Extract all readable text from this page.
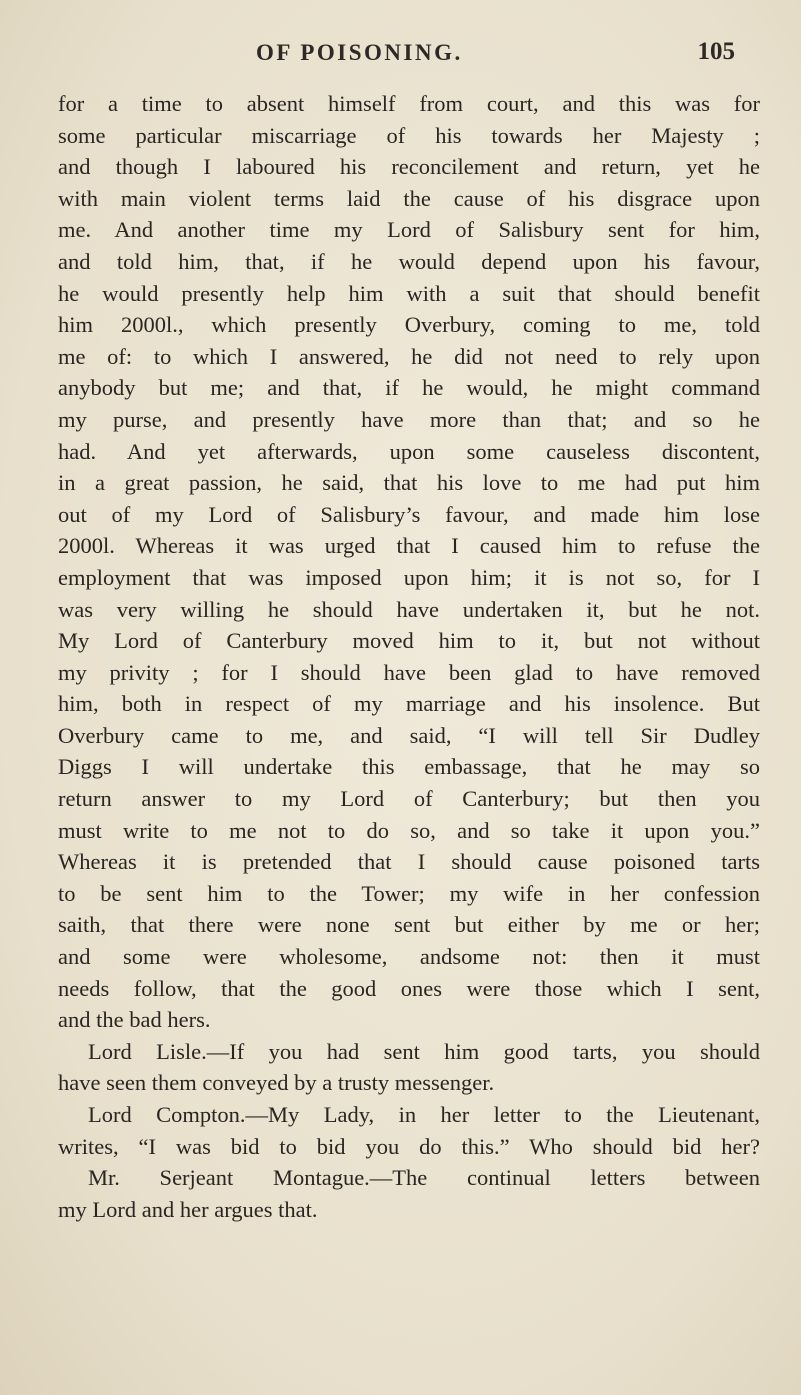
OF POISONING.	105
for a time to absent himself from court, and this was for
some particular miscarriage of his towards her Majesty ;
and though I laboured his reconcilement and return, yet he
with main violent terms laid the cause of his disgrace upon
me. And another time my Lord of Salisbury sent for him,
and told him, that, if he would depend upon his favour,
he would presently help him with a suit that should benefit
him 2000l., which presently Overbury, coming to me, told
me of: to which I answered, he did not need to rely upon
anybody but me; and that, if he would, he might command
my purse, and presently have more than that; and so he
had. And yet afterwards, upon some causeless discontent,
in a great passion, he said, that his love to me had put him
out of my Lord of Salisbury’s favour, and made him lose
2000l. Whereas it was urged that I caused him to refuse the
employment that was imposed upon him; it is not so, for I
was very willing he should have undertaken it, but he not.
My Lord of Canterbury moved him to it, but not without
my privity ; for I should have been glad to have removed
him, both in respect of my marriage and his insolence. But
Overbury came to me, and said, “I will tell Sir Dudley
Diggs I will undertake this embassage, that he may so
return answer to my Lord of Canterbury; but then you
must write to me not to do so, and so take it upon you.”
Whereas it is pretended that I should cause poisoned tarts
to be sent him to the Tower; my wife in her confession
saith, that there were none sent but either by me or her;
and some were wholesome, andsome not: then it must
needs follow, that the good ones were those which I sent,
and the bad hers.
Lord Lisle.—If you had sent him good tarts, you should
have seen them conveyed by a trusty messenger.
Lord Compton.—My Lady, in her letter to the Lieutenant,
writes, “I was bid to bid you do this.” Who should bid her?
Mr. Serjeant Montague.—The continual letters between
my Lord and her argues that.
